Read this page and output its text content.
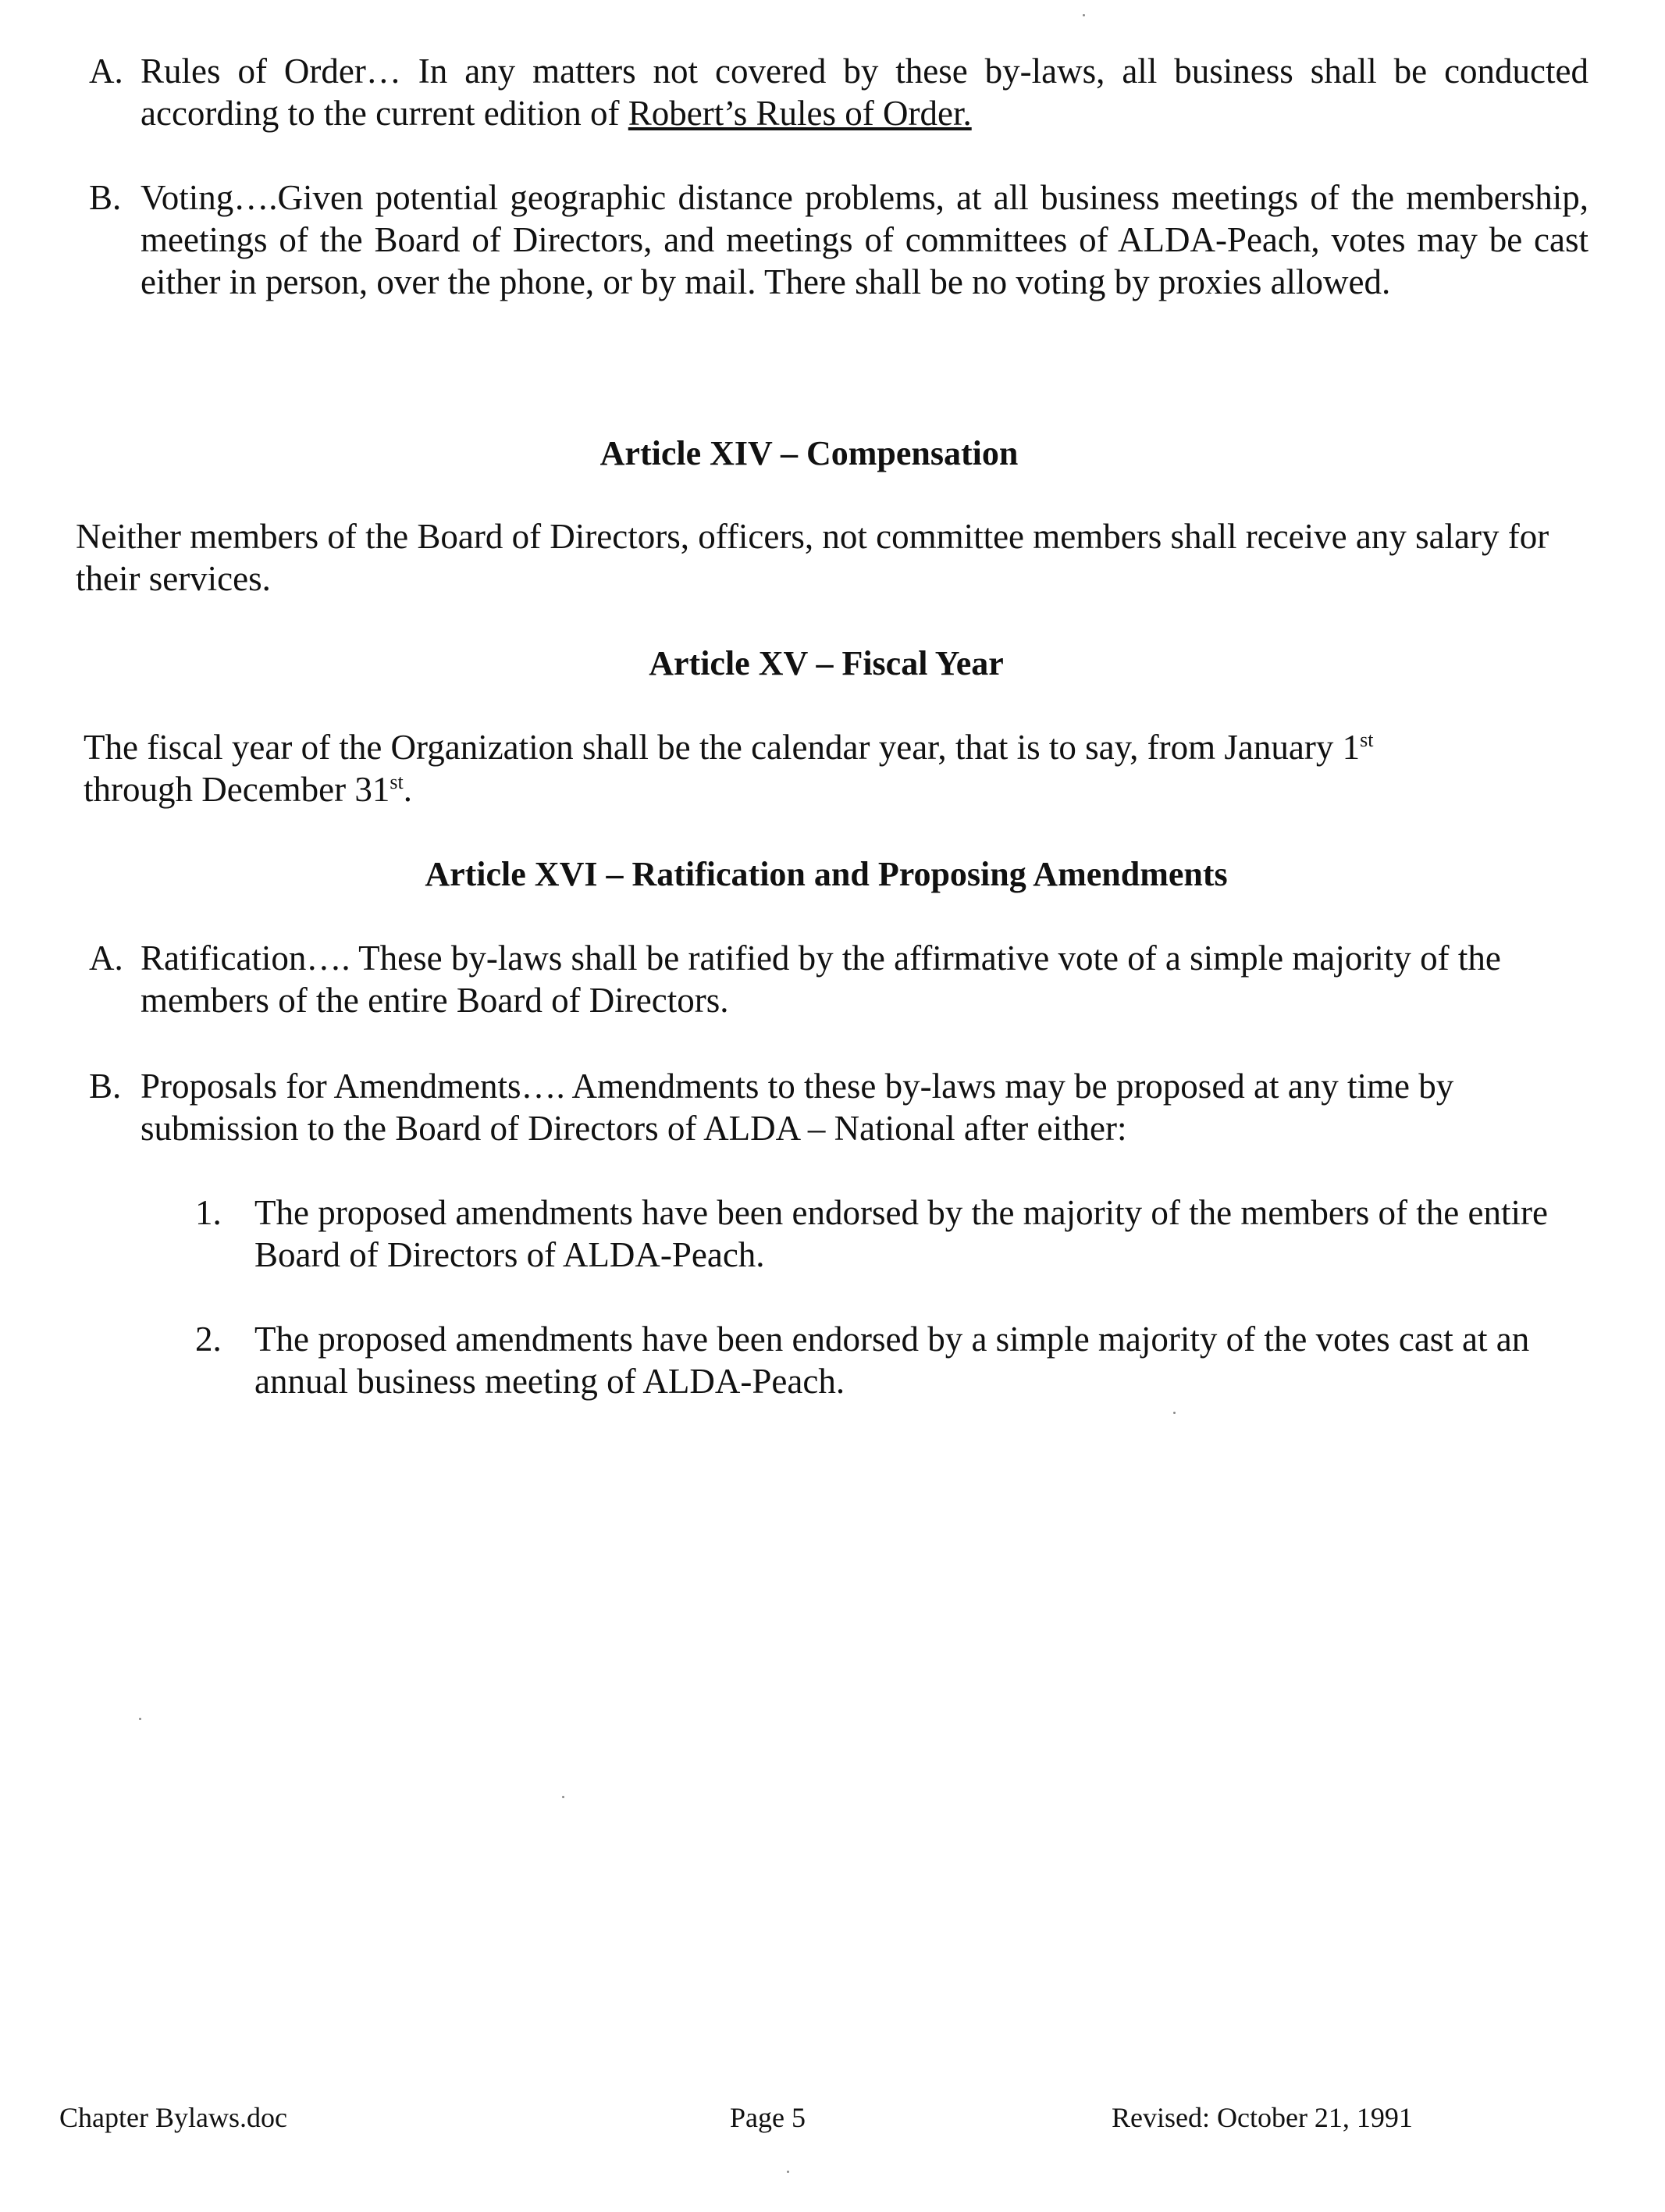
A. Rules of Order… In any matters not covered by these by-laws, all business shall be conducted according to the current edition of Robert’s Rules of Order.
B. Voting….Given potential geographic distance problems, at all business meetings of the membership, meetings of the Board of Directors, and meetings of committees of ALDA-Peach, votes may be cast either in person, over the phone, or by mail. There shall be no voting by proxies allowed.
Article XIV – Compensation
Neither members of the Board of Directors, officers, not committee members shall receive any salary for their services.
Article XV – Fiscal Year
The fiscal year of the Organization shall be the calendar year, that is to say, from January 1st
through December 31st.
Article XVI – Ratification and Proposing Amendments
A. Ratification…. These by-laws shall be ratified by the affirmative vote of a simple majority of the members of the entire Board of Directors.
B. Proposals for Amendments…. Amendments to these by-laws may be proposed at any time by submission to the Board of Directors of ALDA – National after either:
1. The proposed amendments have been endorsed by the majority of the members of the entire Board of Directors of ALDA-Peach.
2. The proposed amendments have been endorsed by a simple majority of the votes cast at an annual business meeting of ALDA-Peach.
Chapter Bylaws.doc	Page 5	Revised: October 21, 1991
